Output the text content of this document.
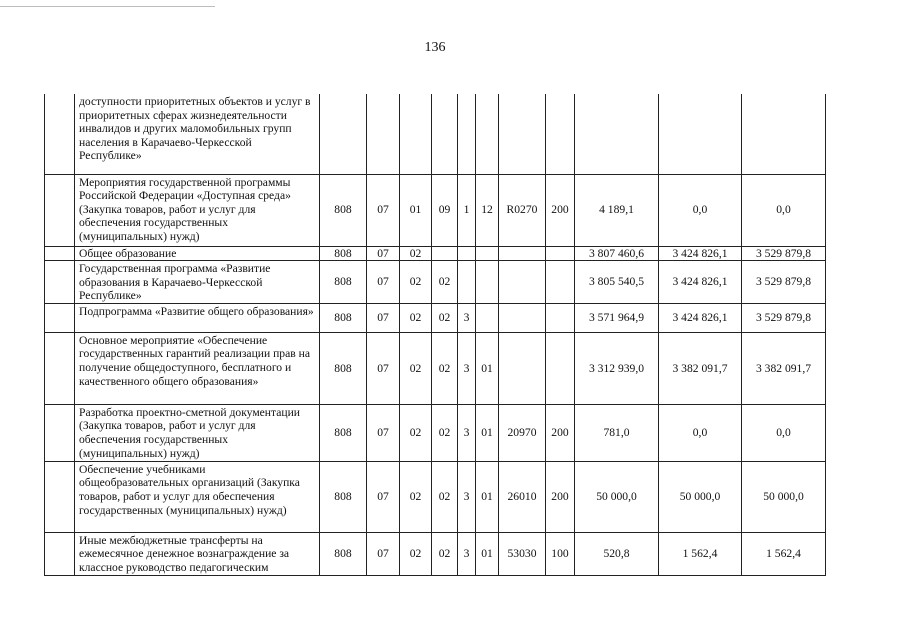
136
	доступности приоритетных объектов и услуг в приоритетных сферах жизнедеятельности инвалидов и других маломобильных групп населения в Карачаево-Черкесской Республике»											
	Мероприятия государственной программы Российской Федерации «Доступная среда» (Закупка товаров, работ и услуг для обеспечения государственных (муниципальных) нужд)	808	07	01	09	1	12	R0270	200	4 189,1	0,0	0,0
	Общее образование	808	07	02						3 807 460,6	3 424 826,1	3 529 879,8
	Государственная программа «Развитие образования в Карачаево-Черкесской Республике»	808	07	02	02					3 805 540,5	3 424 826,1	3 529 879,8
	Подпрограмма «Развитие общего образования»	808	07	02	02	3				3 571 964,9	3 424 826,1	3 529 879,8
	Основное мероприятие «Обеспечение государственных гарантий реализации прав на получение общедоступного, бесплатного и качественного общего образования»	808	07	02	02	3	01			3 312 939,0	3 382 091,7	3 382 091,7
	Разработка проектно-сметной документации (Закупка товаров, работ и услуг для обеспечения государственных (муниципальных) нужд)	808	07	02	02	3	01	20970	200	781,0	0,0	0,0
	Обеспечение учебниками общеобразовательных организаций (Закупка товаров, работ и услуг для обеспечения государственных (муниципальных) нужд)	808	07	02	02	3	01	26010	200	50 000,0	50 000,0	50 000,0
	Иные межбюджетные трансферты на ежемесячное денежное вознаграждение за классное руководство педагогическим	808	07	02	02	3	01	53030	100	520,8	1 562,4	1 562,4
